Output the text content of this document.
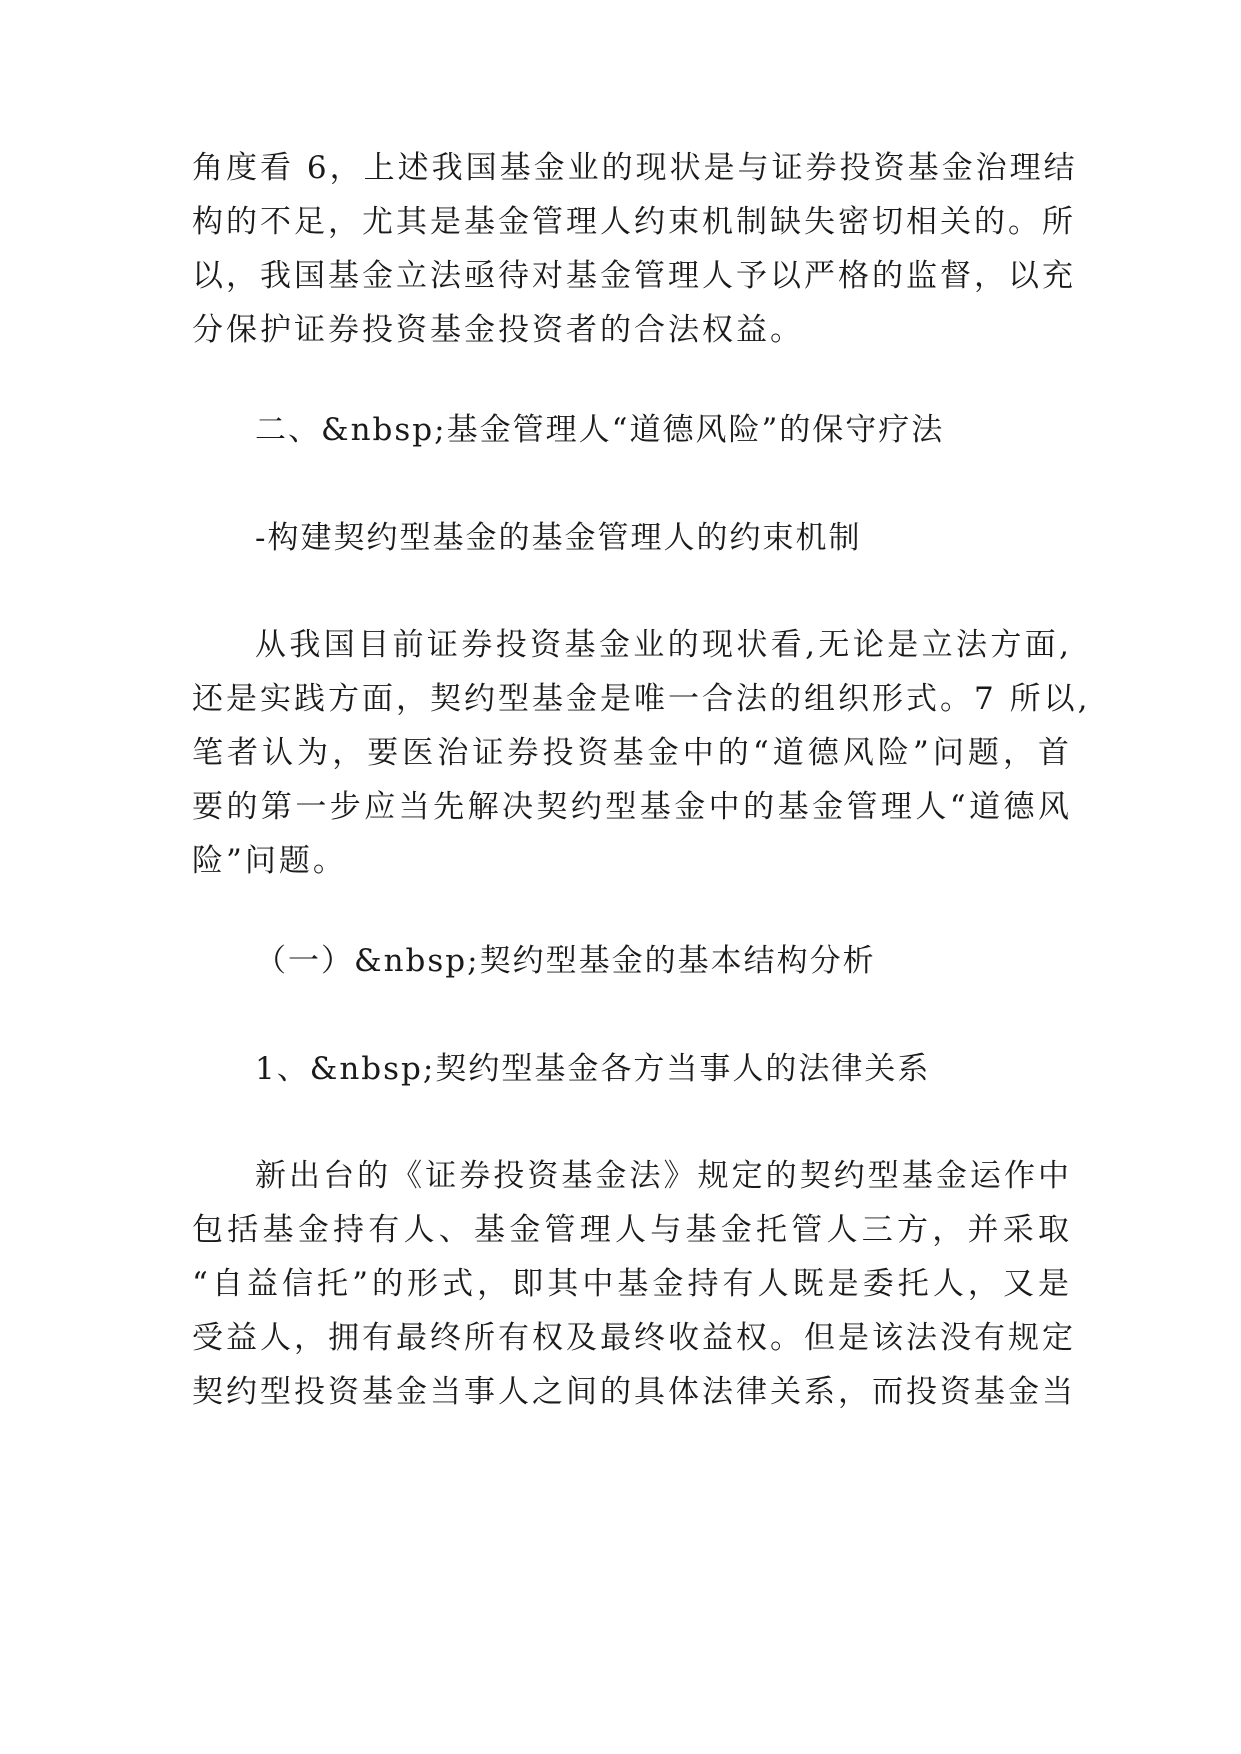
角度看 6，上述我国基金业的现状是与证券投资基金治理结
构的不足，尤其是基金管理人约束机制缺失密切相关的。所
以，我国基金立法亟待对基金管理人予以严格的监督，以充
分保护证券投资基金投资者的合法权益。
二、&nbsp;基金管理人“道德风险”的保守疗法
-构建契约型基金的基金管理人的约束机制
从我国目前证券投资基金业的现状看,无论是立法方面,
还是实践方面，契约型基金是唯一合法的组织形式。7 所以,
笔者认为，要医治证券投资基金中的“道德风险”问题，首
要的第一步应当先解决契约型基金中的基金管理人“道德风
险”问题。
（一）&nbsp;契约型基金的基本结构分析
1、&nbsp;契约型基金各方当事人的法律关系
新出台的《证券投资基金法》规定的契约型基金运作中
包括基金持有人、基金管理人与基金托管人三方，并采取
“自益信托”的形式，即其中基金持有人既是委托人，又是
受益人，拥有最终所有权及最终收益权。但是该法没有规定
契约型投资基金当事人之间的具体法律关系，而投资基金当
